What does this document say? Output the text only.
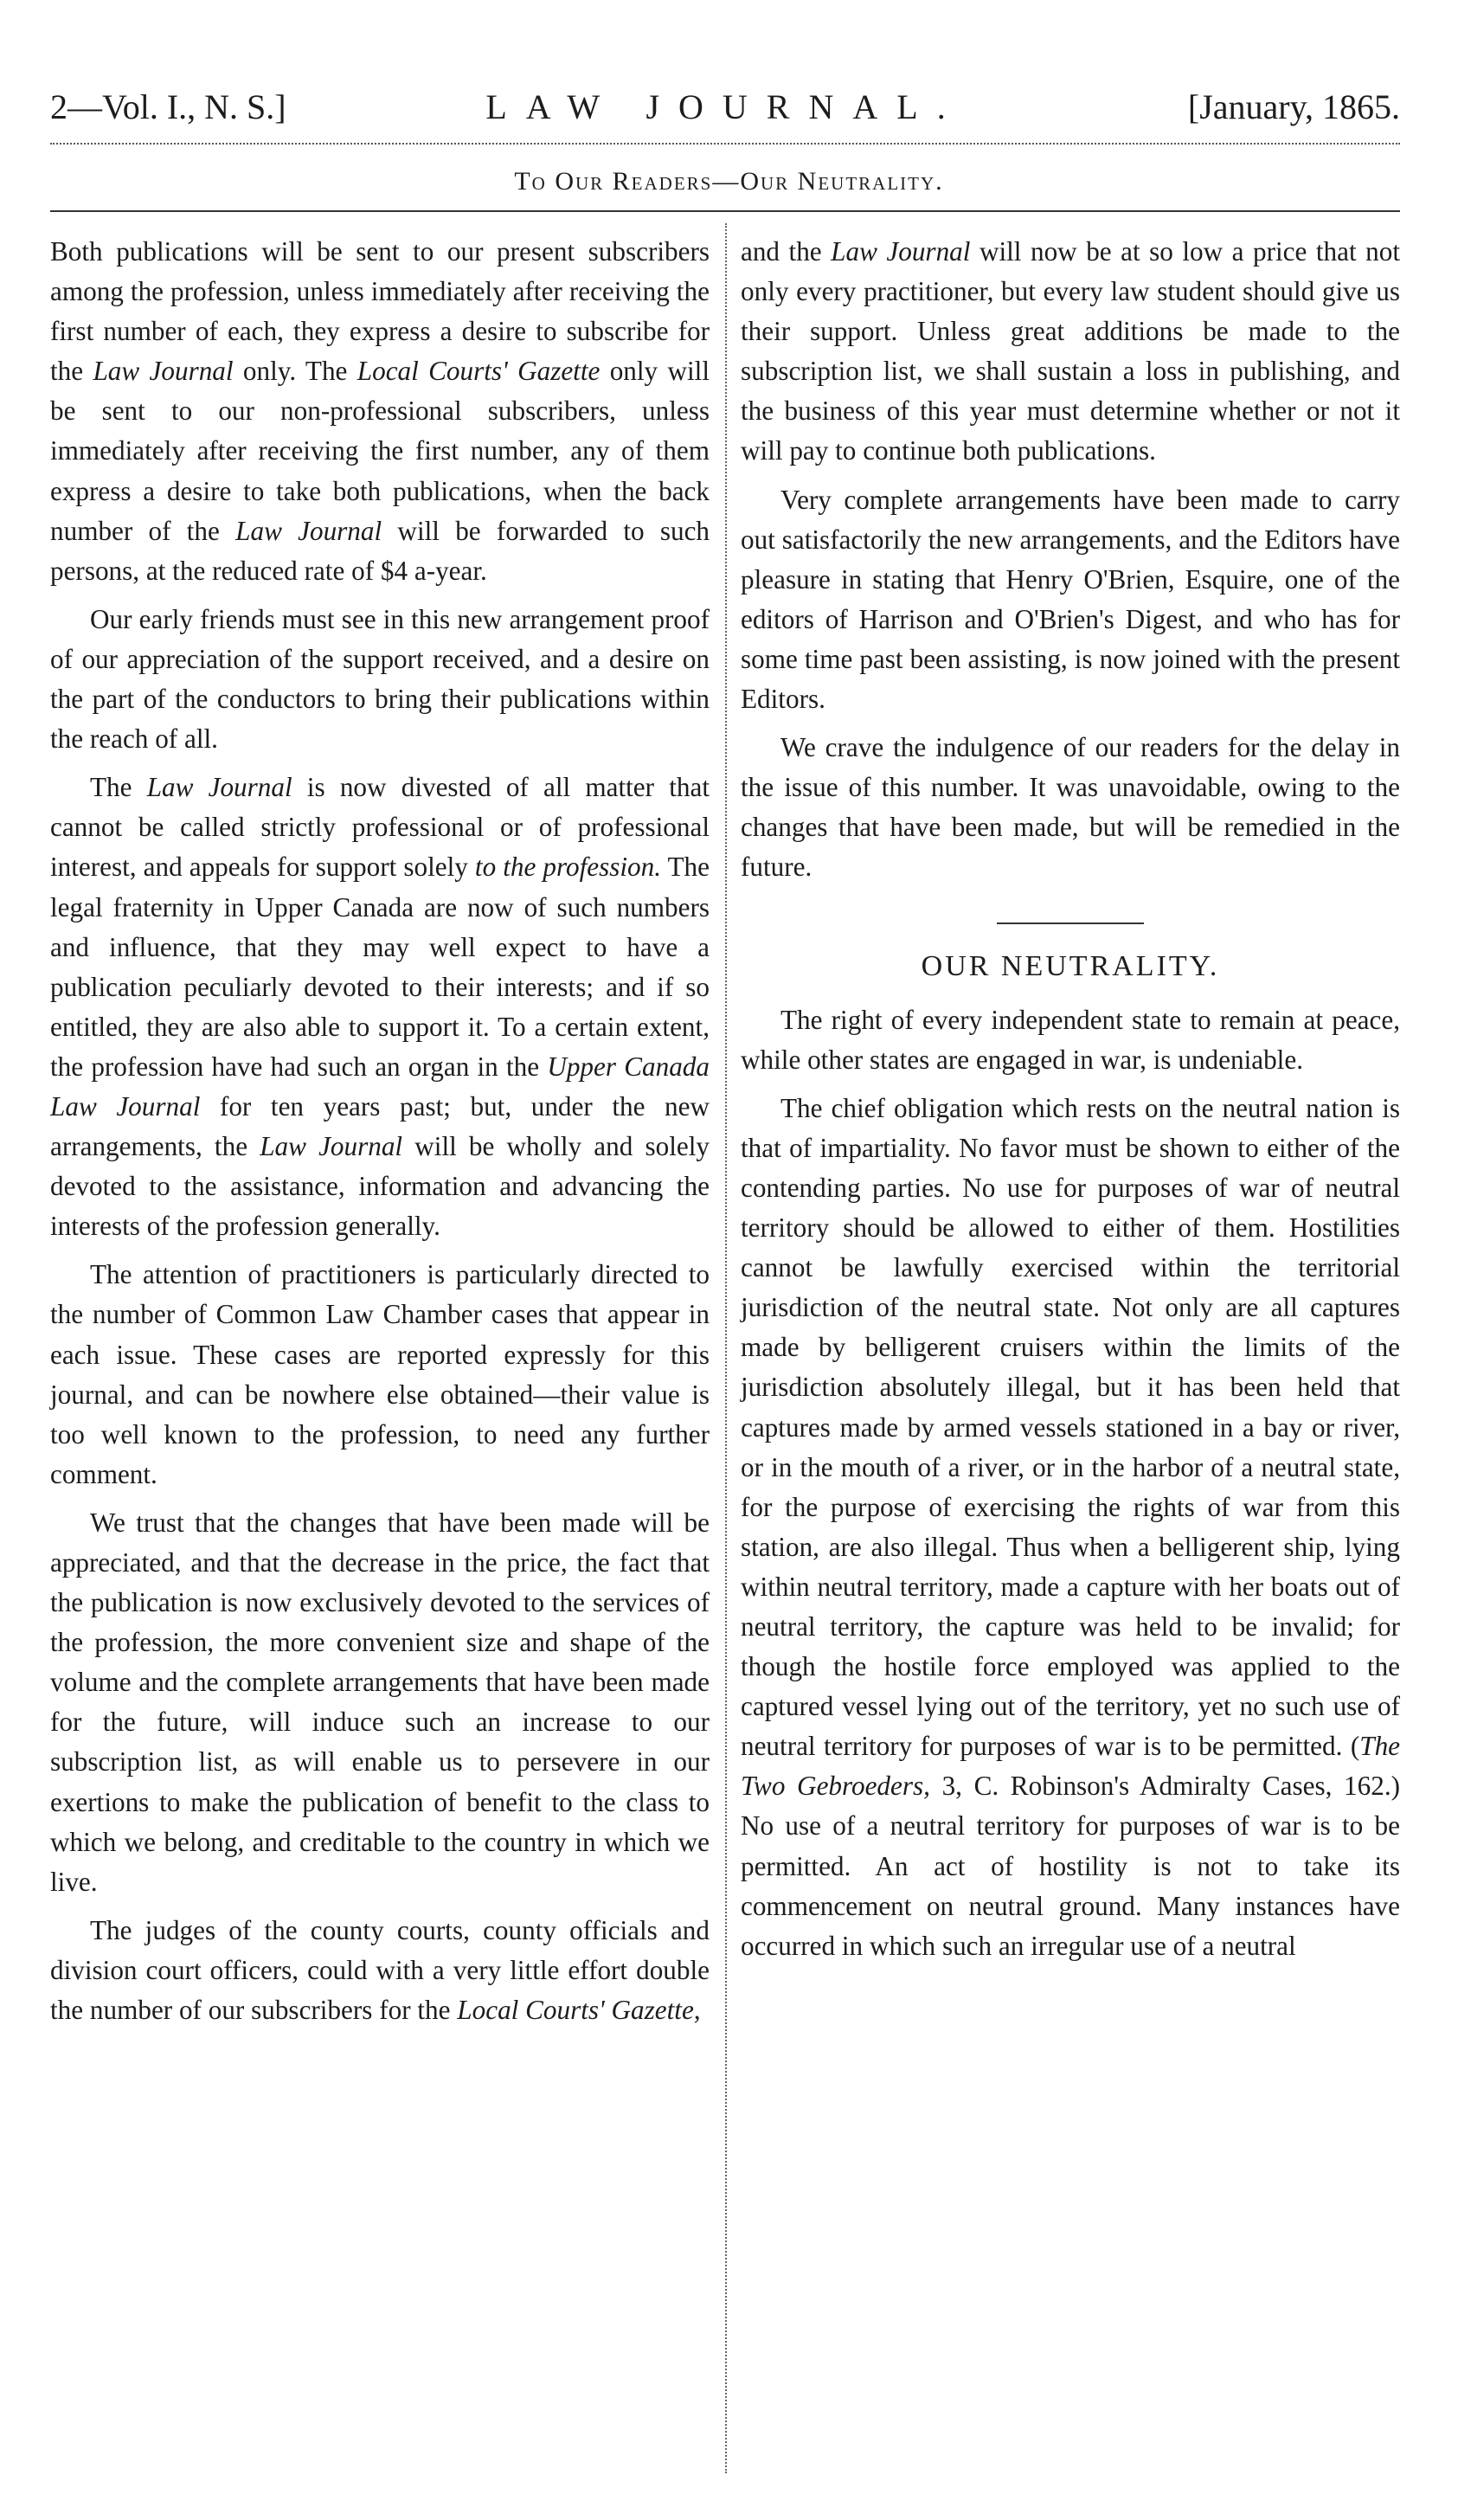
2—Vol. I., N. S.]	LAW JOURNAL.	[January, 1865.
To Our Readers—Our Neutrality.

Both publications will be sent to our present subscribers among the profession, unless immediately after receiving the first number of each, they express a desire to subscribe for the Law Journal only. The Local Courts' Gazette only will be sent to our non-professional subscribers, unless immediately after receiving the first number, any of them express a desire to take both publications, when the back number of the Law Journal will be forwarded to such persons, at the reduced rate of $4 a-year.

Our early friends must see in this new arrangement proof of our appreciation of the support received, and a desire on the part of the conductors to bring their publications within the reach of all.

The Law Journal is now divested of all matter that cannot be called strictly professional or of professional interest, and appeals for support solely to the profession. The legal fraternity in Upper Canada are now of such numbers and influence, that they may well expect to have a publication peculiarly devoted to their interests; and if so entitled, they are also able to support it. To a certain extent, the profession have had such an organ in the Upper Canada Law Journal for ten years past; but, under the new arrangements, the Law Journal will be wholly and solely devoted to the assistance, information and advancing the interests of the profession generally.

The attention of practitioners is particularly directed to the number of Common Law Chamber cases that appear in each issue. These cases are reported expressly for this journal, and can be nowhere else obtained—their value is too well known to the profession, to need any further comment.

We trust that the changes that have been made will be appreciated, and that the decrease in the price, the fact that the publication is now exclusively devoted to the services of the profession, the more convenient size and shape of the volume and the complete arrangements that have been made for the future, will induce such an increase to our subscription list, as will enable us to persevere in our exertions to make the publication of benefit to the class to which we belong, and creditable to the country in which we live.

The judges of the county courts, county officials and division court officers, could with a very little effort double the number of our subscribers for the Local Courts' Gazette,

and the Law Journal will now be at so low a price that not only every practitioner, but every law student should give us their support. Unless great additions be made to the subscription list, we shall sustain a loss in publishing, and the business of this year must determine whether or not it will pay to continue both publications.

Very complete arrangements have been made to carry out satisfactorily the new arrangements, and the Editors have pleasure in stating that Henry O'Brien, Esquire, one of the editors of Harrison and O'Brien's Digest, and who has for some time past been assisting, is now joined with the present Editors.

We crave the indulgence of our readers for the delay in the issue of this number. It was unavoidable, owing to the changes that have been made, but will be remedied in the future.

OUR NEUTRALITY.

The right of every independent state to remain at peace, while other states are engaged in war, is undeniable.

The chief obligation which rests on the neutral nation is that of impartiality. No favor must be shown to either of the contending parties. No use for purposes of war of neutral territory should be allowed to either of them. Hostilities cannot be lawfully exercised within the territorial jurisdiction of the neutral state. Not only are all captures made by belligerent cruisers within the limits of the jurisdiction absolutely illegal, but it has been held that captures made by armed vessels stationed in a bay or river, or in the mouth of a river, or in the harbor of a neutral state, for the purpose of exercising the rights of war from this station, are also illegal. Thus when a belligerent ship, lying within neutral territory, made a capture with her boats out of neutral territory, the capture was held to be invalid; for though the hostile force employed was applied to the captured vessel lying out of the territory, yet no such use of neutral territory for purposes of war is to be permitted. (The Two Gebroeders, 3, C. Robinson's Admiralty Cases, 162.) No use of a neutral territory for purposes of war is to be permitted. An act of hostility is not to take its commencement on neutral ground. Many instances have occurred in which such an irregular use of a neutral
